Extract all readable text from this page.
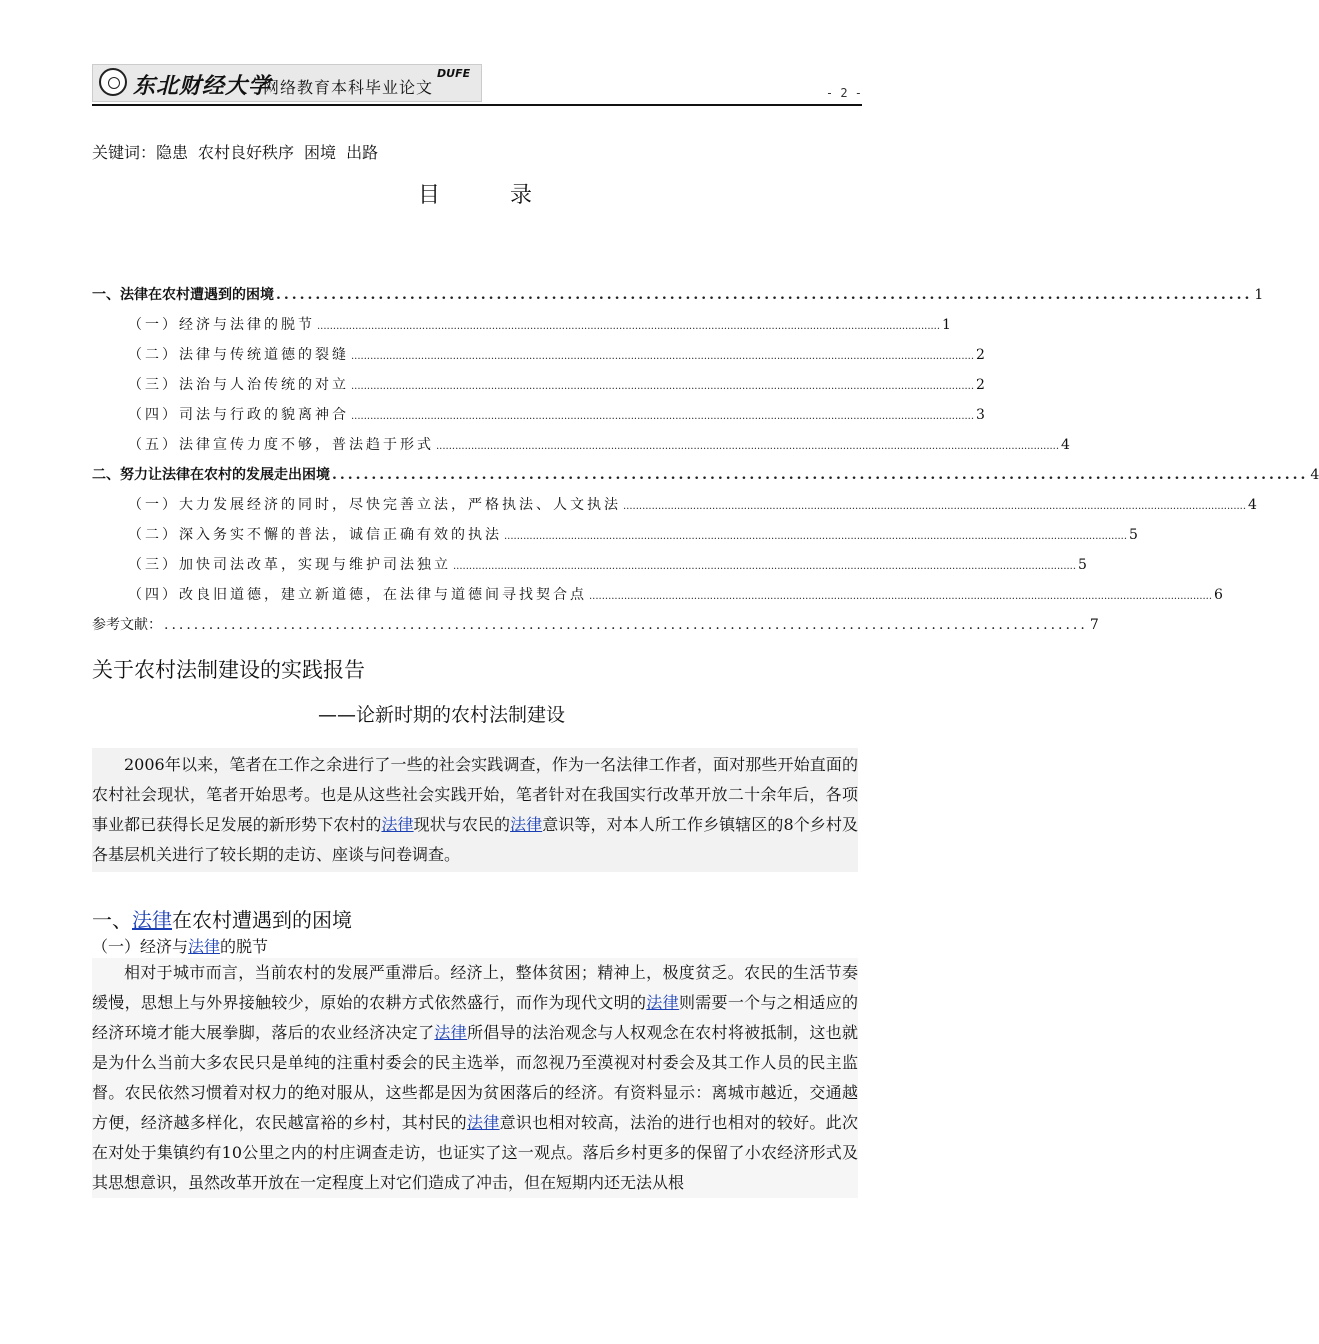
东北财经大学
网络教育本科毕业论文
DUFE
- 2 -
关键词：隐患 农村良好秩序 困境 出路
目录
一、法律在农村遭遇到的困境 ............................................................................................................................ 1
（一）经济与法律的脱节 .................................................................................................................................................................................................... 1
（二）法律与传统道德的裂缝 .................................................................................................................................................................................................... 2
（三）法治与人治传统的对立 .................................................................................................................................................................................................... 2
（四）司法与行政的貌离神合 .................................................................................................................................................................................................... 3
（五）法律宣传力度不够，普法趋于形式 .................................................................................................................................................................................................... 4
二、努力让法律在农村的发展走出困境 ............................................................................................................................ 4
（一）大力发展经济的同时，尽快完善立法，严格执法、人文执法 .................................................................................................................................................................................................... 4
（二）深入务实不懈的普法，诚信正确有效的执法 .................................................................................................................................................................................................... 5
（三）加快司法改革，实现与维护司法独立 .................................................................................................................................................................................................... 5
（四）改良旧道德，建立新道德，在法律与道德间寻找契合点 .................................................................................................................................................................................................... 6
参考文献： ............................................................................................................................ 7
关于农村法制建设的实践报告
——论新时期的农村法制建设

2006年以来，笔者在工作之余进行了一些的社会实践调查，作为一名法律工作者，面对那些开始直面的农村社会现状，笔者开始思考。也是从这些社会实践开始，笔者针对在我国实行改革开放二十余年后，各项事业都已获得长足发展的新形势下农村的法律现状与农民的法律意识等，对本人所工作乡镇辖区的8个乡村及各基层机关进行了较长期的走访、座谈与问卷调查。

一、法律在农村遭遇到的困境
（一）经济与法律的脱节

相对于城市而言，当前农村的发展严重滞后。经济上，整体贫困；精神上，极度贫乏。农民的生活节奏缓慢，思想上与外界接触较少，原始的农耕方式依然盛行，而作为现代文明的法律则需要一个与之相适应的经济环境才能大展拳脚，落后的农业经济决定了法律所倡导的法治观念与人权观念在农村将被抵制，这也就是为什么当前大多农民只是单纯的注重村委会的民主选举，而忽视乃至漠视对村委会及其工作人员的民主监督。农民依然习惯着对权力的绝对服从，这些都是因为贫困落后的经济。有资料显示：离城市越近，交通越方便，经济越多样化，农民越富裕的乡村，其村民的法律意识也相对较高，法治的进行也相对的较好。此次在对处于集镇约有10公里之内的村庄调查走访，也证实了这一观点。落后乡村更多的保留了小农经济形式及其思想意识，虽然改革开放在一定程度上对它们造成了冲击，但在短期内还无法从根
